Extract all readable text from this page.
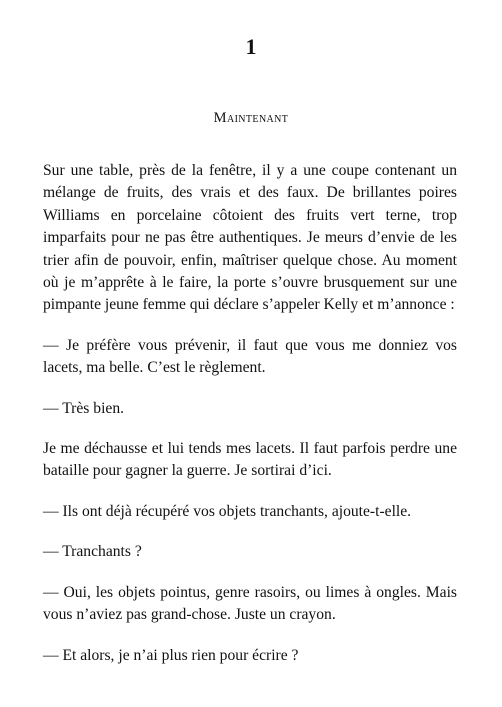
1
Maintenant

Sur une table, près de la fenêtre, il y a une coupe contenant un mélange de fruits, des vrais et des faux. De brillantes poires Williams en porcelaine côtoient des fruits vert terne, trop imparfaits pour ne pas être authentiques. Je meurs d’envie de les trier afin de pouvoir, enfin, maîtriser quelque chose. Au moment où je m’apprête à le faire, la porte s’ouvre brusquement sur une pimpante jeune femme qui déclare s’appeler Kelly et m’annonce :

— Je préfère vous prévenir, il faut que vous me donniez vos lacets, ma belle. C’est le règlement.

— Très bien.

Je me déchausse et lui tends mes lacets. Il faut parfois perdre une bataille pour gagner la guerre. Je sortirai d’ici.

— Ils ont déjà récupéré vos objets tranchants, ajoute-t-elle.

— Tranchants ?

— Oui, les objets pointus, genre rasoirs, ou limes à ongles. Mais vous n’aviez pas grand-chose. Juste un crayon.

— Et alors, je n’ai plus rien pour écrire ?
